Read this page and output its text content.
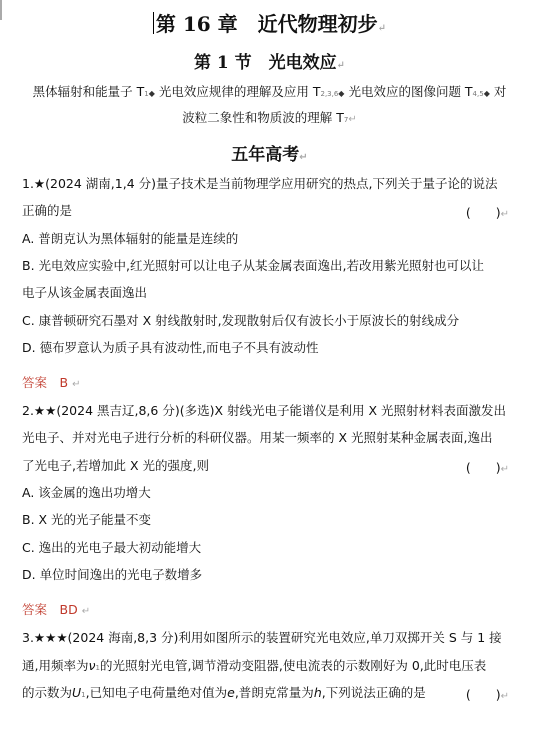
第 16 章　近代物理初步↵
第 1 节　光电效应↵
黑体辐射和能量子 T1◆ 光电效应规律的理解及应用 T2,3,6◆ 光电效应的图像问题 T4,5◆ 对
波粒二象性和物质波的理解 T7↵
五年高考↵
1.★(2024 湖南,1,4 分)量子技术是当前物理学应用研究的热点,下列关于量子论的说法
正确的是	(　　)↵
A. 普朗克认为黑体辐射的能量是连续的
B. 光电效应实验中,红光照射可以让电子从某金属表面逸出,若改用紫光照射也可以让
电子从该金属表面逸出
C. 康普顿研究石墨对 X 射线散射时,发现散射后仅有波长小于原波长的射线成分
D. 德布罗意认为质子具有波动性,而电子不具有波动性
答案　B ↵
2.★★(2024 黑吉辽,8,6 分)(多选)X 射线光电子能谱仪是利用 X 光照射材料表面激发出
光电子、并对光电子进行分析的科研仪器。用某一频率的 X 光照射某种金属表面,逸出
了光电子,若增加此 X 光的强度,则	(　　)↵
A. 该金属的逸出功增大
B. X 光的光子能量不变
C. 逸出的光电子最大初动能增大
D. 单位时间逸出的光电子数增多
答案　BD ↵
3.★★★(2024 海南,8,3 分)利用如图所示的装置研究光电效应,单刀双掷开关 S 与 1 接
通,用频率为ν1的光照射光电管,调节滑动变阻器,使电流表的示数刚好为 0,此时电压表
的示数为U1,已知电子电荷量绝对值为e,普朗克常量为h,下列说法正确的是	(　　)↵
